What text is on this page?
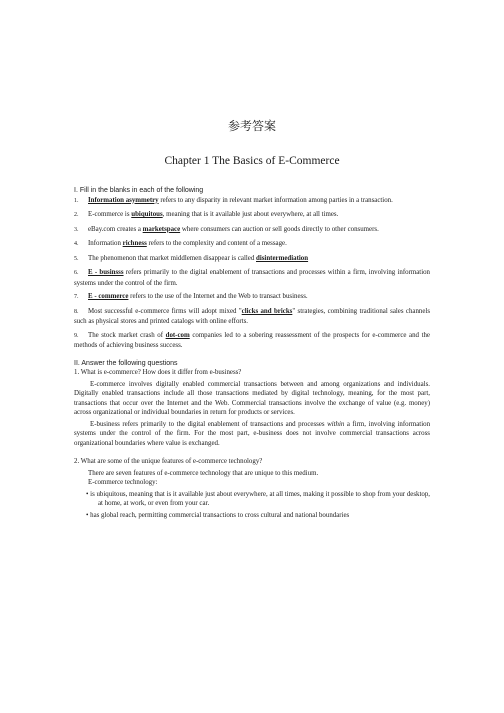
参考答案
Chapter 1 The Basics of E-Commerce

I. Fill in the blanks in each of the following

1. Information asymmetry refers to any disparity in relevant market information among parties in a transaction.

2. E-commerce is ubiquitous, meaning that is it available just about everywhere, at all times.

3. eBay.com creates a marketspace where consumers can auction or sell goods directly to other consumers.

4. Information richness refers to the complexity and content of a message.

5. The phenomenon that market middlemen disappear is called disintermediation

6. E - businsss refers primarily to the digital enablement of transactions and processes within a firm, involving information systems under the control of the firm.

7. E - commerce refers to the use of the Internet and the Web to transact business.

8. Most successful e-commerce firms will adopt mixed "clicks and bricks" strategies, combining traditional sales channels such as physical stores and printed catalogs with online efforts.

9. The stock market crash of dot-com companies led to a sobering reassessment of the prospects for e-commerce and the methods of achieving business success.

II. Answer the following questions

1. What is e-commerce? How does it differ from e-business?

E-commerce involves digitally enabled commercial transactions between and among organizations and individuals. Digitally enabled transactions include all those transactions mediated by digital technology, meaning, for the most part, transactions that occur over the Internet and the Web. Commercial transactions involve the exchange of value (e.g. money) across organizational or individual boundaries in return for products or services.

E-business refers primarily to the digital enablement of transactions and processes within a firm, involving information systems under the control of the firm. For the most part, e-business does not involve commercial transactions across organizational boundaries where value is exchanged.

2. What are some of the unique features of e-commerce technology?

There are seven features of e-commerce technology that are unique to this medium.

E-commerce technology:

• is ubiquitous, meaning that is it available just about everywhere, at all times, making it possible to shop from your desktop, at home, at work, or even from your car.

• has global reach, permitting commercial transactions to cross cultural and national boundaries
